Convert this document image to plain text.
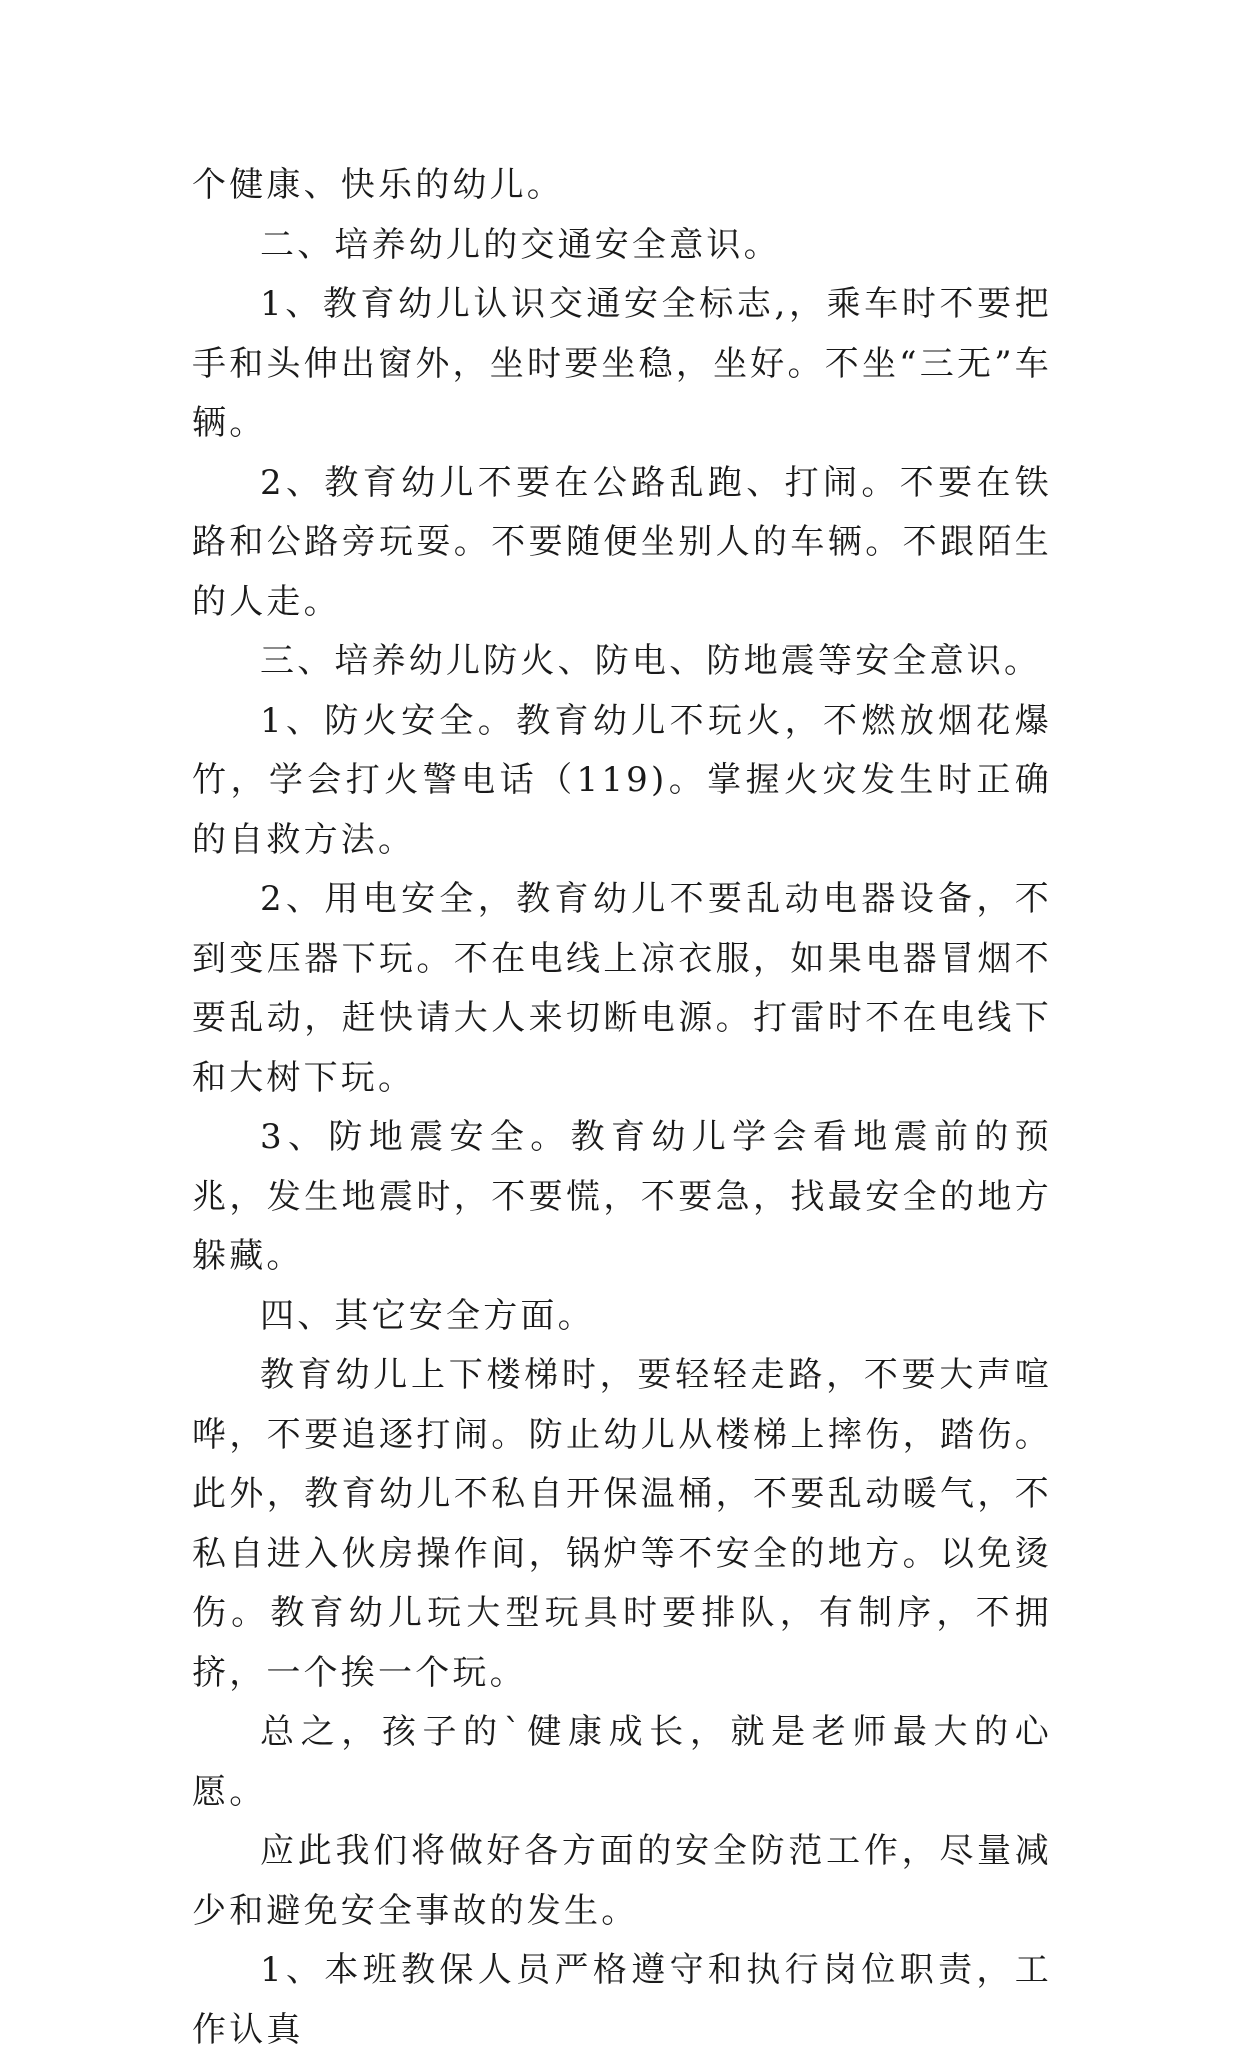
个健康、快乐的幼儿。

二、培养幼儿的交通安全意识。

1、教育幼儿认识交通安全标志,，乘车时不要把手和头伸出窗外，坐时要坐稳，坐好。不坐“三无”车辆。

2、教育幼儿不要在公路乱跑、打闹。不要在铁路和公路旁玩耍。不要随便坐别人的车辆。不跟陌生的人走。

三、培养幼儿防火、防电、防地震等安全意识。

1、防火安全。教育幼儿不玩火，不燃放烟花爆竹，学会打火警电话（119)。掌握火灾发生时正确的自救方法。

2、用电安全，教育幼儿不要乱动电器设备，不到变压器下玩。不在电线上凉衣服，如果电器冒烟不要乱动，赶快请大人来切断电源。打雷时不在电线下和大树下玩。

3、防地震安全。教育幼儿学会看地震前的预兆，发生地震时，不要慌，不要急，找最安全的地方躲藏。

四、其它安全方面。

教育幼儿上下楼梯时，要轻轻走路，不要大声喧哗，不要追逐打闹。防止幼儿从楼梯上摔伤，踏伤。此外，教育幼儿不私自开保温桶，不要乱动暖气，不私自进入伙房操作间，锅炉等不安全的地方。以免烫伤。教育幼儿玩大型玩具时要排队，有制序，不拥挤，一个挨一个玩。

总之，孩子的`健康成长，就是老师最大的心愿。

应此我们将做好各方面的安全防范工作，尽量减少和避免安全事故的发生。

1、本班教保人员严格遵守和执行岗位职责，工作认真
